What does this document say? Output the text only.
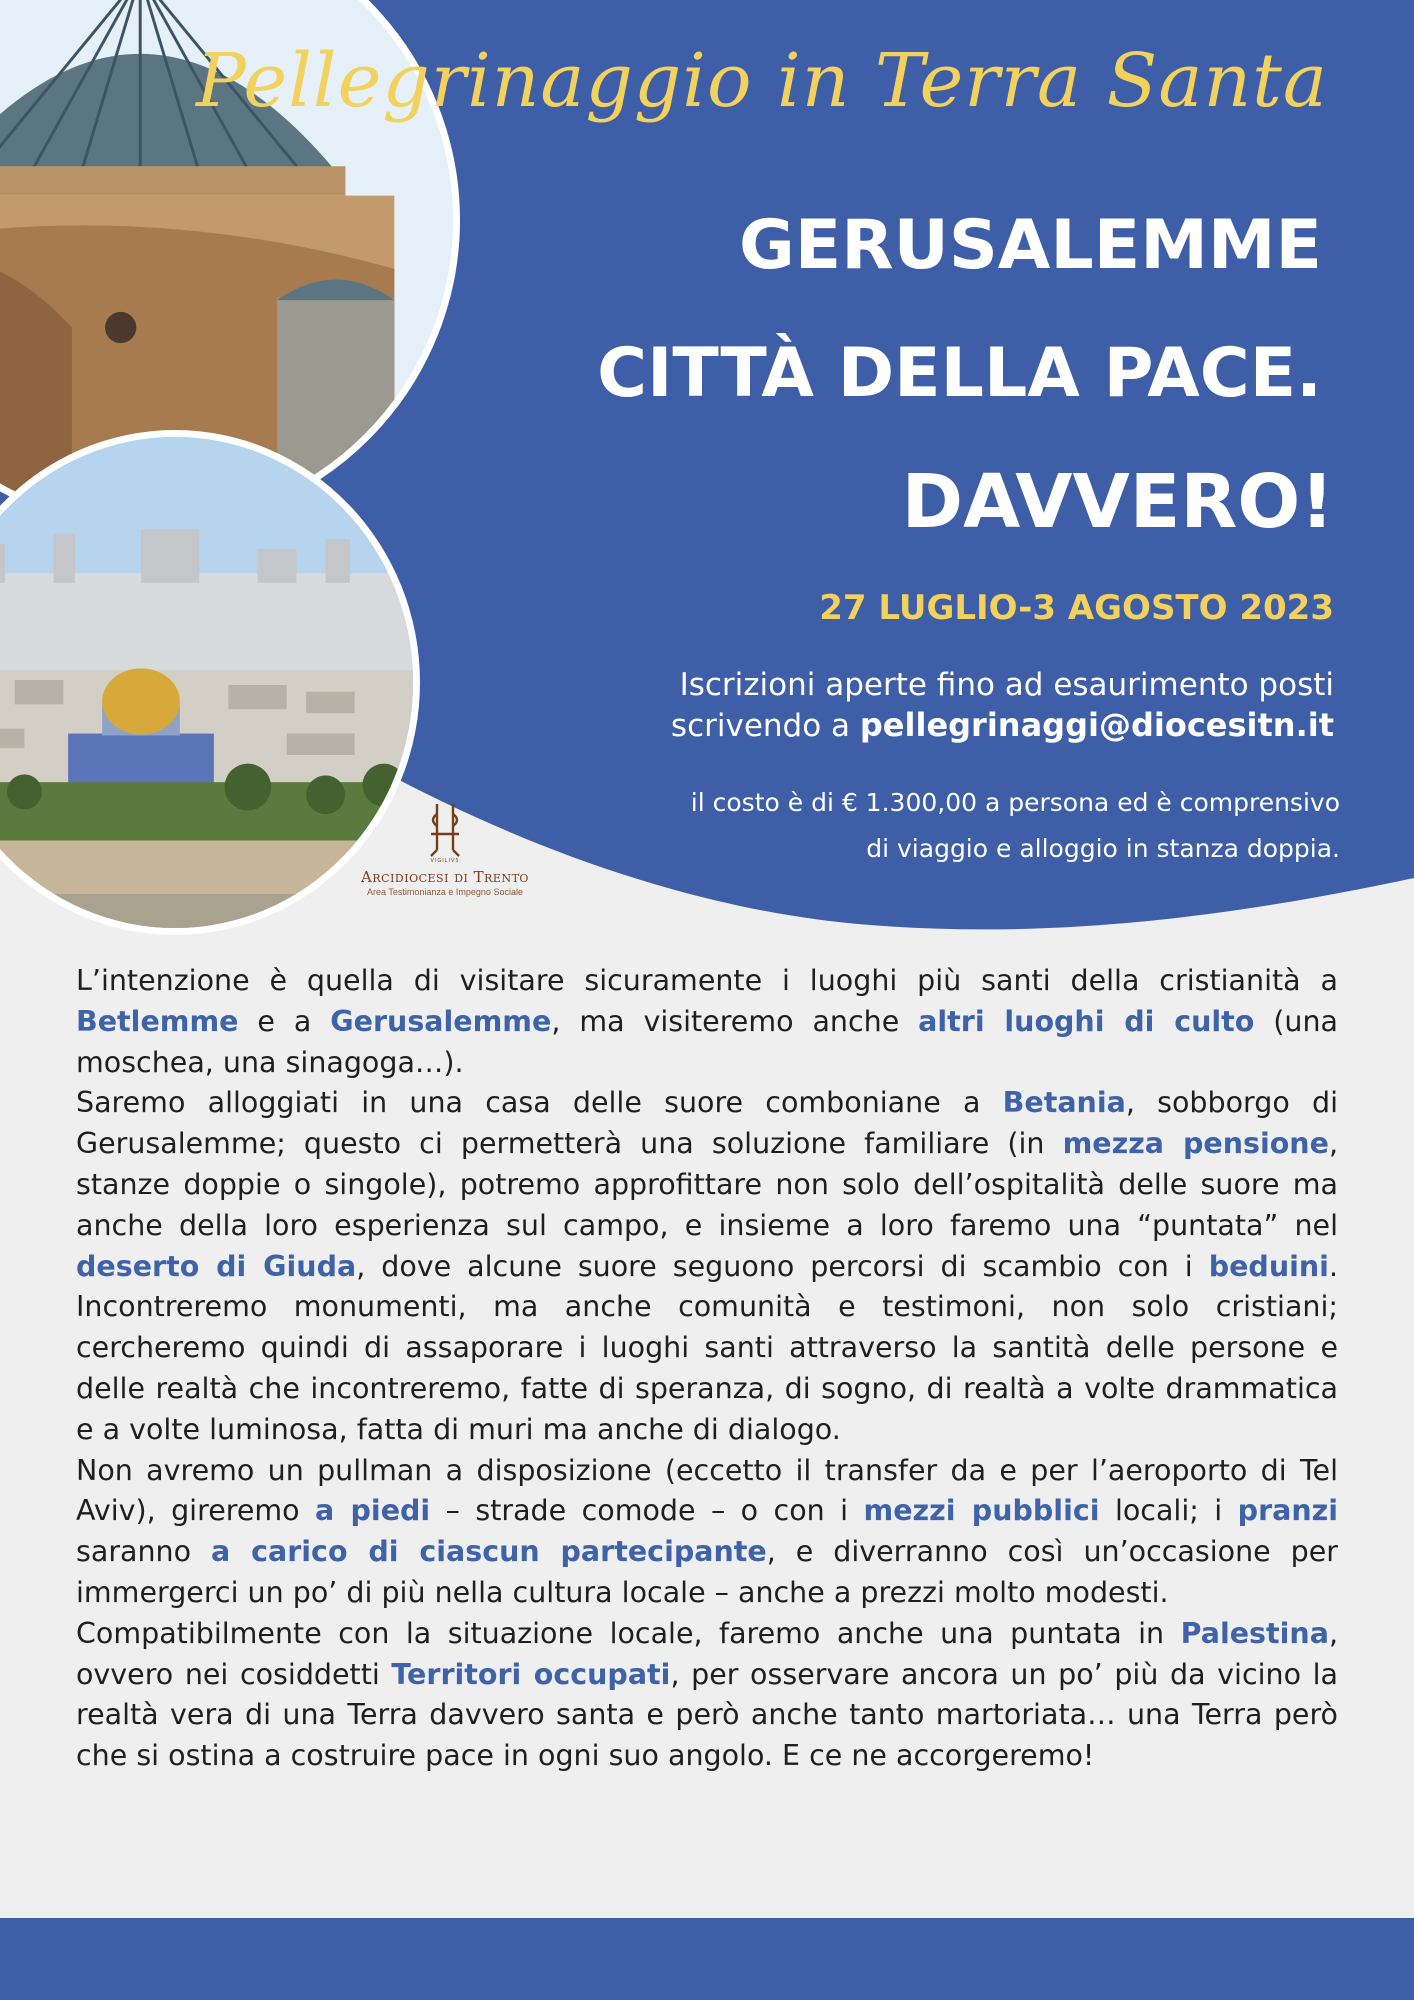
VIGILIVS
Arcidiocesi di Trento
Area Testimonianza e Impegno Sociale
Pellegrinaggio in Terra Santa
GERUSALEMME
CITTÀ DELLA PACE.
DAVVERO!
27 LUGLIO-3 AGOSTO 2023
Iscrizioni aperte fino ad esaurimento posti
scrivendo a pellegrinaggi@diocesitn.it
il costo è di € 1.300,00 a persona ed è comprensivo
di viaggio e alloggio in stanza doppia.

L’intenzione è quella di visitare sicuramente i luoghi più santi della cristianità a Betlemme e a Gerusalemme, ma visiteremo anche altri luoghi di culto (una moschea, una sinagoga…).

Saremo alloggiati in una casa delle suore comboniane a Betania, sobborgo di Gerusalemme; questo ci permetterà una soluzione familiare (in mezza pensione, stanze doppie o singole), potremo approfittare non solo dell’ospitalità delle suore ma anche della loro esperienza sul campo, e insieme a loro faremo una “puntata” nel deserto di Giuda, dove alcune suore seguono percorsi di scambio con i beduini. Incontreremo monumenti, ma anche comunità e testimoni, non solo cristiani; cercheremo quindi di assaporare i luoghi santi attraverso la santità delle persone e delle realtà che incontreremo, fatte di speranza, di sogno, di realtà a volte drammatica e a volte luminosa, fatta di muri ma anche di dialogo.

Non avremo un pullman a disposizione (eccetto il transfer da e per l’aeroporto di Tel Aviv), gireremo a piedi – strade comode – o con i mezzi pubblici locali; i pranzi saranno a carico di ciascun partecipante, e diverranno così un’occasione per immergerci un po’ di più nella cultura locale – anche a prezzi molto modesti.

Compatibilmente con la situazione locale, faremo anche una puntata in Palestina, ovvero nei cosiddetti Territori occupati, per osservare ancora un po’ più da vicino la realtà vera di una Terra davvero santa e però anche tanto martoriata… una Terra però che si ostina a costruire pace in ogni suo angolo. E ce ne accorgeremo!
